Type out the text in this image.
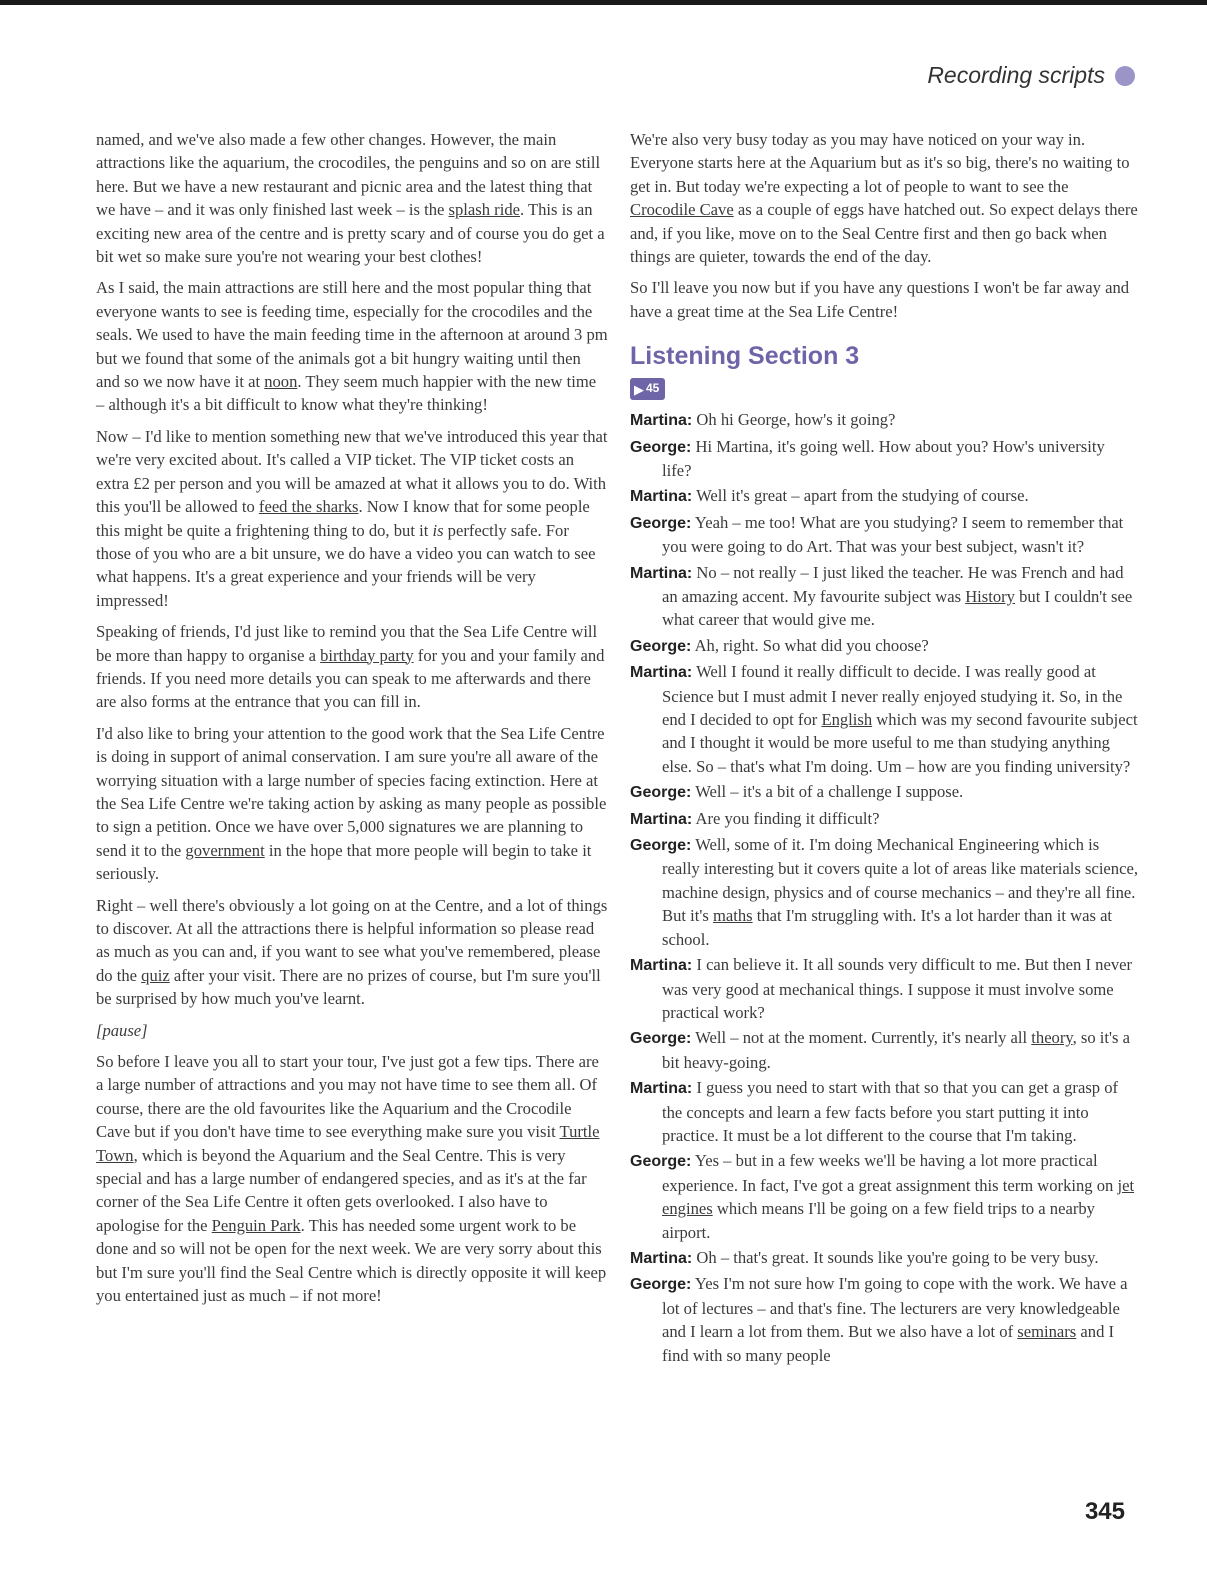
Recording scripts

named, and we've also made a few other changes. However, the main attractions like the aquarium, the crocodiles, the penguins and so on are still here. But we have a new restaurant and picnic area and the latest thing that we have – and it was only finished last week – is the splash ride. This is an exciting new area of the centre and is pretty scary and of course you do get a bit wet so make sure you're not wearing your best clothes!

As I said, the main attractions are still here and the most popular thing that everyone wants to see is feeding time, especially for the crocodiles and the seals. We used to have the main feeding time in the afternoon at around 3 pm but we found that some of the animals got a bit hungry waiting until then and so we now have it at noon. They seem much happier with the new time – although it's a bit difficult to know what they're thinking!

Now – I'd like to mention something new that we've introduced this year that we're very excited about. It's called a VIP ticket. The VIP ticket costs an extra £2 per person and you will be amazed at what it allows you to do. With this you'll be allowed to feed the sharks. Now I know that for some people this might be quite a frightening thing to do, but it is perfectly safe. For those of you who are a bit unsure, we do have a video you can watch to see what happens. It's a great experience and your friends will be very impressed!

Speaking of friends, I'd just like to remind you that the Sea Life Centre will be more than happy to organise a birthday party for you and your family and friends. If you need more details you can speak to me afterwards and there are also forms at the entrance that you can fill in.

I'd also like to bring your attention to the good work that the Sea Life Centre is doing in support of animal conservation. I am sure you're all aware of the worrying situation with a large number of species facing extinction. Here at the Sea Life Centre we're taking action by asking as many people as possible to sign a petition. Once we have over 5,000 signatures we are planning to send it to the government in the hope that more people will begin to take it seriously.

Right – well there's obviously a lot going on at the Centre, and a lot of things to discover. At all the attractions there is helpful information so please read as much as you can and, if you want to see what you've remembered, please do the quiz after your visit. There are no prizes of course, but I'm sure you'll be surprised by how much you've learnt.

[pause]

So before I leave you all to start your tour, I've just got a few tips. There are a large number of attractions and you may not have time to see them all. Of course, there are the old favourites like the Aquarium and the Crocodile Cave but if you don't have time to see everything make sure you visit Turtle Town, which is beyond the Aquarium and the Seal Centre. This is very special and has a large number of endangered species, and as it's at the far corner of the Sea Life Centre it often gets overlooked. I also have to apologise for the Penguin Park. This has needed some urgent work to be done and so will not be open for the next week. We are very sorry about this but I'm sure you'll find the Seal Centre which is directly opposite it will keep you entertained just as much – if not more!

We're also very busy today as you may have noticed on your way in. Everyone starts here at the Aquarium but as it's so big, there's no waiting to get in. But today we're expecting a lot of people to want to see the Crocodile Cave as a couple of eggs have hatched out. So expect delays there and, if you like, move on to the Seal Centre first and then go back when things are quieter, towards the end of the day.

So I'll leave you now but if you have any questions I won't be far away and have a great time at the Sea Life Centre!

Listening Section 3
▶ 45
Martina: Oh hi George, how's it going?
George: Hi Martina, it's going well. How about you? How's university life?
Martina: Well it's great – apart from the studying of course.
George: Yeah – me too! What are you studying? I seem to remember that you were going to do Art. That was your best subject, wasn't it?
Martina: No – not really – I just liked the teacher. He was French and had an amazing accent. My favourite subject was History but I couldn't see what career that would give me.
George: Ah, right. So what did you choose?
Martina: Well I found it really difficult to decide. I was really good at Science but I must admit I never really enjoyed studying it. So, in the end I decided to opt for English which was my second favourite subject and I thought it would be more useful to me than studying anything else. So – that's what I'm doing. Um – how are you finding university?
George: Well – it's a bit of a challenge I suppose.
Martina: Are you finding it difficult?
George: Well, some of it. I'm doing Mechanical Engineering which is really interesting but it covers quite a lot of areas like materials science, machine design, physics and of course mechanics – and they're all fine. But it's maths that I'm struggling with. It's a lot harder than it was at school.
Martina: I can believe it. It all sounds very difficult to me. But then I never was very good at mechanical things. I suppose it must involve some practical work?
George: Well – not at the moment. Currently, it's nearly all theory, so it's a bit heavy-going.
Martina: I guess you need to start with that so that you can get a grasp of the concepts and learn a few facts before you start putting it into practice. It must be a lot different to the course that I'm taking.
George: Yes – but in a few weeks we'll be having a lot more practical experience. In fact, I've got a great assignment this term working on jet engines which means I'll be going on a few field trips to a nearby airport.
Martina: Oh – that's great. It sounds like you're going to be very busy.
George: Yes I'm not sure how I'm going to cope with the work. We have a lot of lectures – and that's fine. The lecturers are very knowledgeable and I learn a lot from them. But we also have a lot of seminars and I find with so many people
345
